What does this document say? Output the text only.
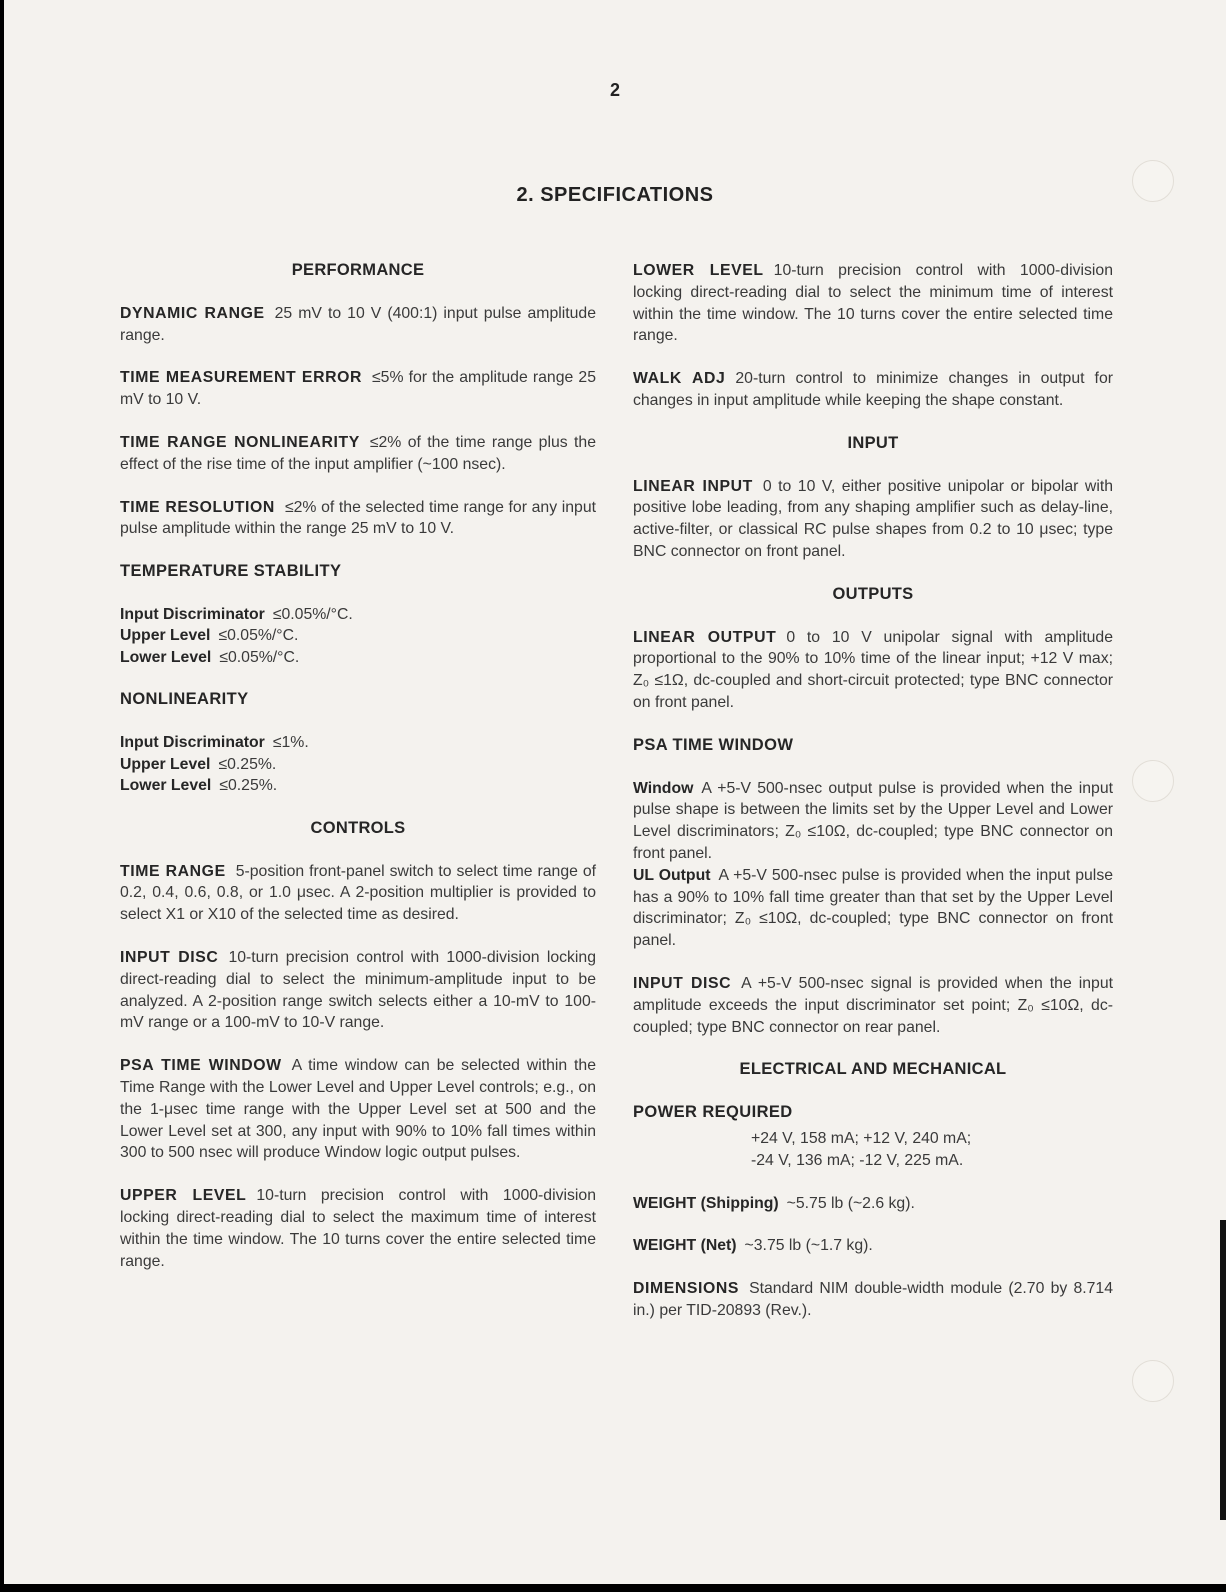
2
2. SPECIFICATIONS
PERFORMANCE
DYNAMIC RANGE 25 mV to 10 V (400:1) input pulse amplitude range.
TIME MEASUREMENT ERROR ≤5% for the amplitude range 25 mV to 10 V.
TIME RANGE NONLINEARITY ≤2% of the time range plus the effect of the rise time of the input amplifier (~100 nsec).
TIME RESOLUTION ≤2% of the selected time range for any input pulse amplitude within the range 25 mV to 10 V.
TEMPERATURE STABILITY
Input Discriminator ≤0.05%/°C.
Upper Level ≤0.05%/°C.
Lower Level ≤0.05%/°C.
NONLINEARITY
Input Discriminator ≤1%.
Upper Level ≤0.25%.
Lower Level ≤0.25%.
CONTROLS
TIME RANGE 5-position front-panel switch to select time range of 0.2, 0.4, 0.6, 0.8, or 1.0 μsec. A 2-position multiplier is provided to select X1 or X10 of the selected time as desired.
INPUT DISC 10-turn precision control with 1000-division locking direct-reading dial to select the minimum-amplitude input to be analyzed. A 2-position range switch selects either a 10-mV to 100-mV range or a 100-mV to 10-V range.
PSA TIME WINDOW A time window can be selected within the Time Range with the Lower Level and Upper Level controls; e.g., on the 1-μsec time range with the Upper Level set at 500 and the Lower Level set at 300, any input with 90% to 10% fall times within 300 to 500 nsec will produce Window logic output pulses.
UPPER LEVEL 10-turn precision control with 1000-division locking direct-reading dial to select the maximum time of interest within the time window. The 10 turns cover the entire selected time range.
LOWER LEVEL 10-turn precision control with 1000-division locking direct-reading dial to select the minimum time of interest within the time window. The 10 turns cover the entire selected time range.
WALK ADJ 20-turn control to minimize changes in output for changes in input amplitude while keeping the shape constant.
INPUT
LINEAR INPUT 0 to 10 V, either positive unipolar or bipolar with positive lobe leading, from any shaping amplifier such as delay-line, active-filter, or classical RC pulse shapes from 0.2 to 10 μsec; type BNC connector on front panel.
OUTPUTS
LINEAR OUTPUT 0 to 10 V unipolar signal with amplitude proportional to the 90% to 10% time of the linear input; +12 V max; Z₀ ≤1Ω, dc-coupled and short-circuit protected; type BNC connector on front panel.
PSA TIME WINDOW
Window A +5-V 500-nsec output pulse is provided when the input pulse shape is between the limits set by the Upper Level and Lower Level discriminators; Z₀ ≤10Ω, dc-coupled; type BNC connector on front panel.
UL Output A +5-V 500-nsec pulse is provided when the input pulse has a 90% to 10% fall time greater than that set by the Upper Level discriminator; Z₀ ≤10Ω, dc-coupled; type BNC connector on front panel.
INPUT DISC A +5-V 500-nsec signal is provided when the input amplitude exceeds the input discriminator set point; Z₀ ≤10Ω, dc-coupled; type BNC connector on rear panel.
ELECTRICAL AND MECHANICAL
POWER REQUIRED
+24 V, 158 mA; +12 V, 240 mA;
-24 V, 136 mA; -12 V, 225 mA.
WEIGHT (Shipping) ~5.75 lb (~2.6 kg).
WEIGHT (Net) ~3.75 lb (~1.7 kg).
DIMENSIONS Standard NIM double-width module (2.70 by 8.714 in.) per TID-20893 (Rev.).
